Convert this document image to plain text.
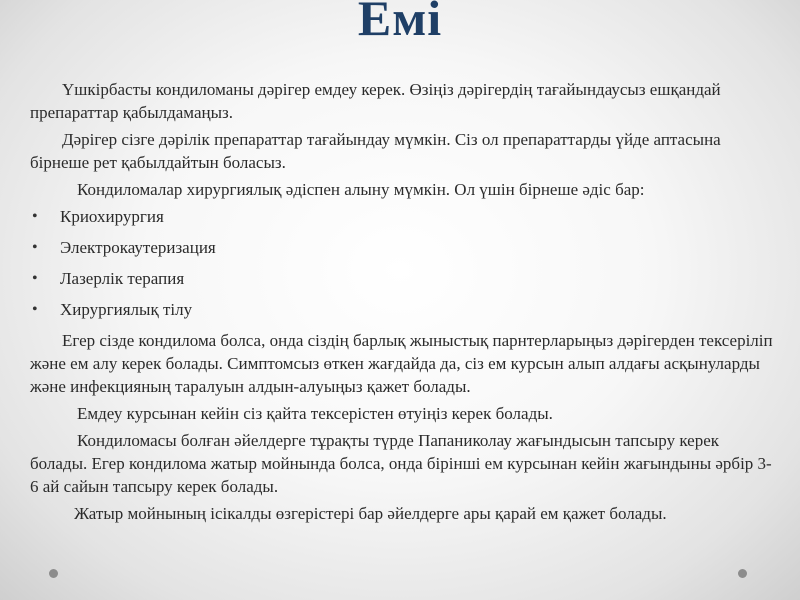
Емі

Үшкірбасты кондиломаны дәрігер емдеу керек. Өзіңіз дәрігердің тағайындаусыз ешқандай препараттар қабылдамаңыз.

Дәрігер сізге дәрілік препараттар тағайындау мүмкін. Сіз ол препараттарды үйде аптасына бірнеше рет қабылдайтын боласыз.

Кондиломалар хирургиялық әдіспен алыну мүмкін. Ол үшін бірнеше әдіс бар:

• Криохирургия
• Электрокаутеризация
• Лазерлік терапия
• Хирургиялық тілу

Егер сізде кондилома болса, онда сіздің барлық жыныстық парнтерларыңыз дәрігерден тексеріліп және ем алу керек болады. Симптомсыз өткен жағдайда да, сіз ем курсын алып алдағы асқынуларды және инфекцияның таралуын алдын-алуыңыз қажет болады.

Емдеу курсынан кейін сіз қайта тексерістен өтуіңіз керек болады.

Кондиломасы болған әйелдерге тұрақты түрде Папаниколау жағындысын тапсыру керек болады. Егер кондилома жатыр мойнында болса, онда бірінші ем курсынан кейін жағындыны әрбір 3-6 ай сайын тапсыру керек болады.

Жатыр мойнының ісікалды өзгерістері бар әйелдерге ары қарай ем қажет болады.
